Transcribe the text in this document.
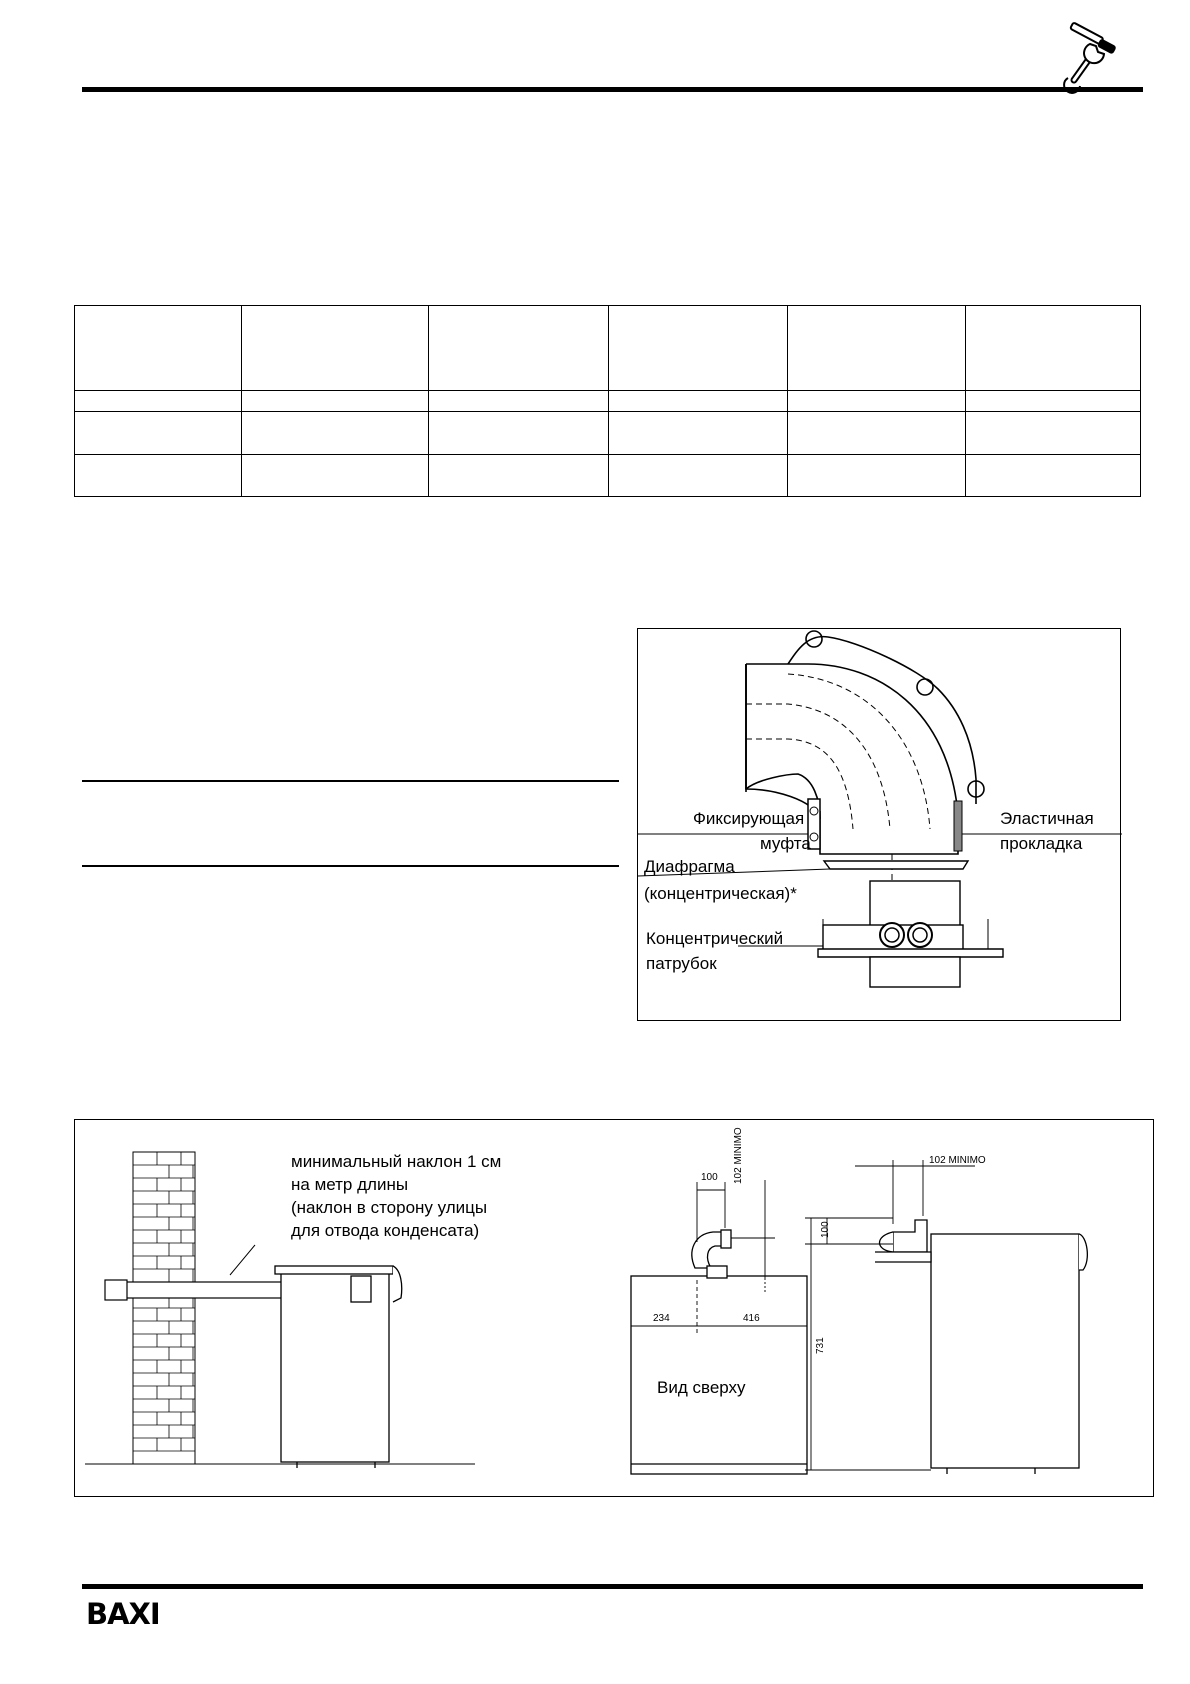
Фиксирующая
муфта
Эластичная
прокладка
Диафрагма
(концентрическая)*
Концентрический
патрубок
минимальный наклон 1 см
на метр длины
(наклон в сторону улицы
для отвода конденсата)
Вид сверху
100 102 MINIMO
234	416
102 MINIMO
100
731
BAXI
